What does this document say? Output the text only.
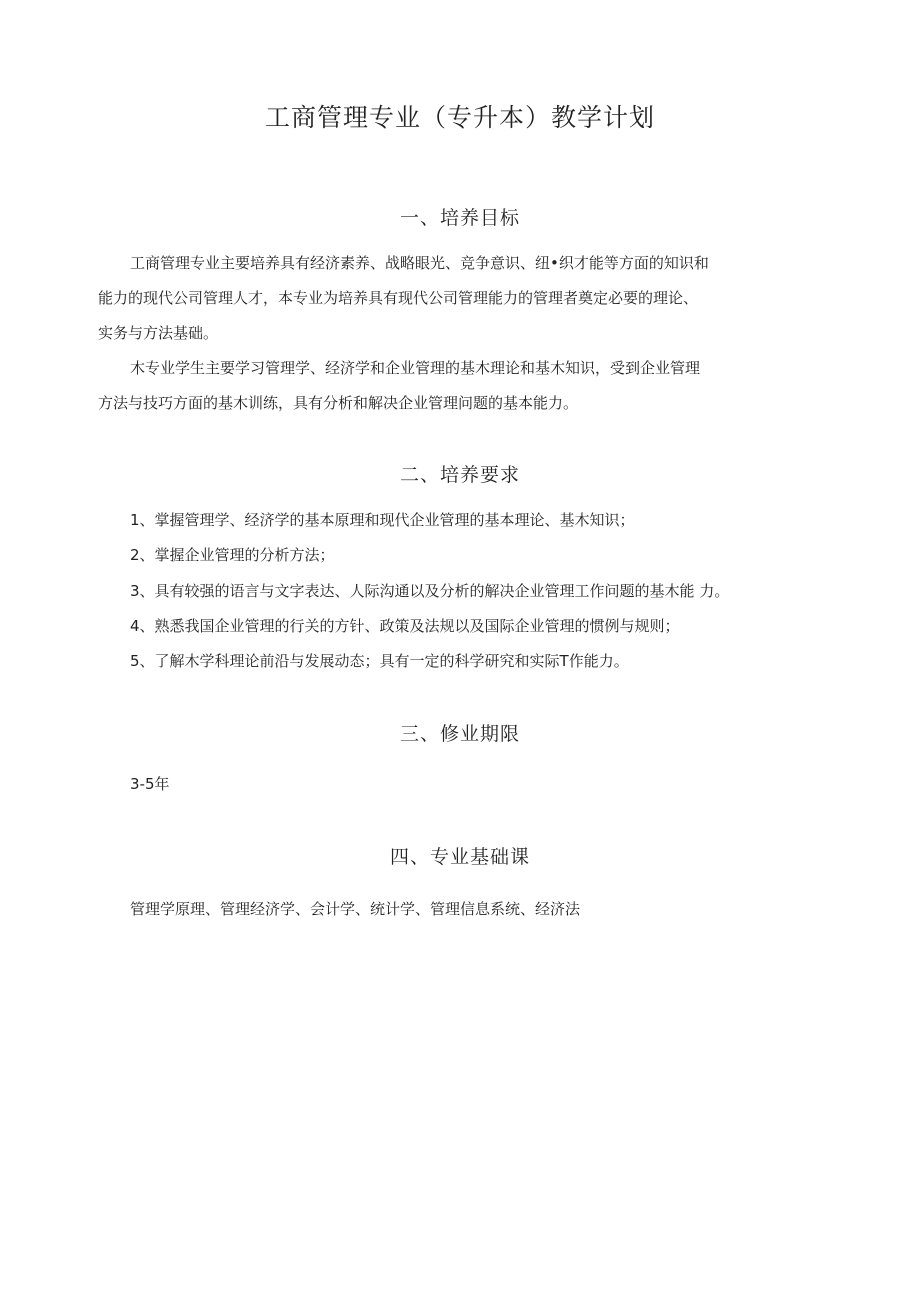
工商管理专业（专升本）教学计划
一、培养目标

工商管理专业主要培养具有经济素养、战略眼光、竞争意识、纽•织才能等方面的知识和

能力的现代公司管理人才，本专业为培养具有现代公司管理能力的管理者奠定必要的理论、

实务与方法基础。

木专业学生主要学习管理学、经济学和企业管理的基木理论和基木知识，受到企业管理

方法与技巧方面的基木训练，具有分析和解决企业管理问题的基本能力。

二、培养要求

1、掌握管理学、经济学的基本原理和现代企业管理的基本理论、基木知识；

2、掌握企业管理的分析方法；

3、具有较强的语言与文字表达、人际沟通以及分析的解决企业管理工作问题的基木能 力。

4、熟悉我国企业管理的行关的方针、政策及法规以及国际企业管理的惯例与规则；

5、了解木学科理论前沿与发展动态；具有一定的科学研究和实际T作能力。

三、修业期限

3-5年

四、专业基础课

管理学原理、管理经济学、会计学、统计学、管理信息系统、经济法
